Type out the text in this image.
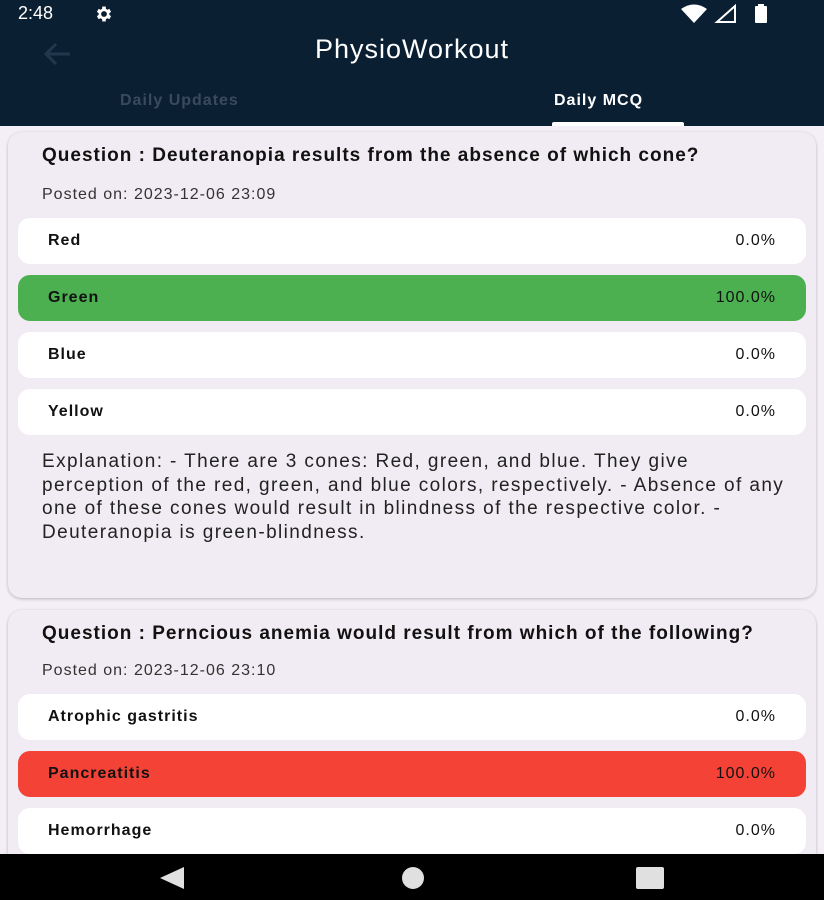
2:48
PhysioWorkout
Daily Updates	Daily MCQ
Question : Deuteranopia results from the absence of which cone?
Posted on: 2023-12-06 23:09
Red	0.0%
Green	100.0%
Blue	0.0%
Yellow	0.0%
Explanation: - There are 3 cones: Red, green, and blue. They give perception of the red, green, and blue colors, respectively. - Absence of any one of these cones would result in blindness of the respective color. - Deuteranopia is green-blindness.
Question : Perncious anemia would result from which of the following?
Posted on: 2023-12-06 23:10
Atrophic gastritis	0.0%
Pancreatitis	100.0%
Hemorrhage	0.0%
